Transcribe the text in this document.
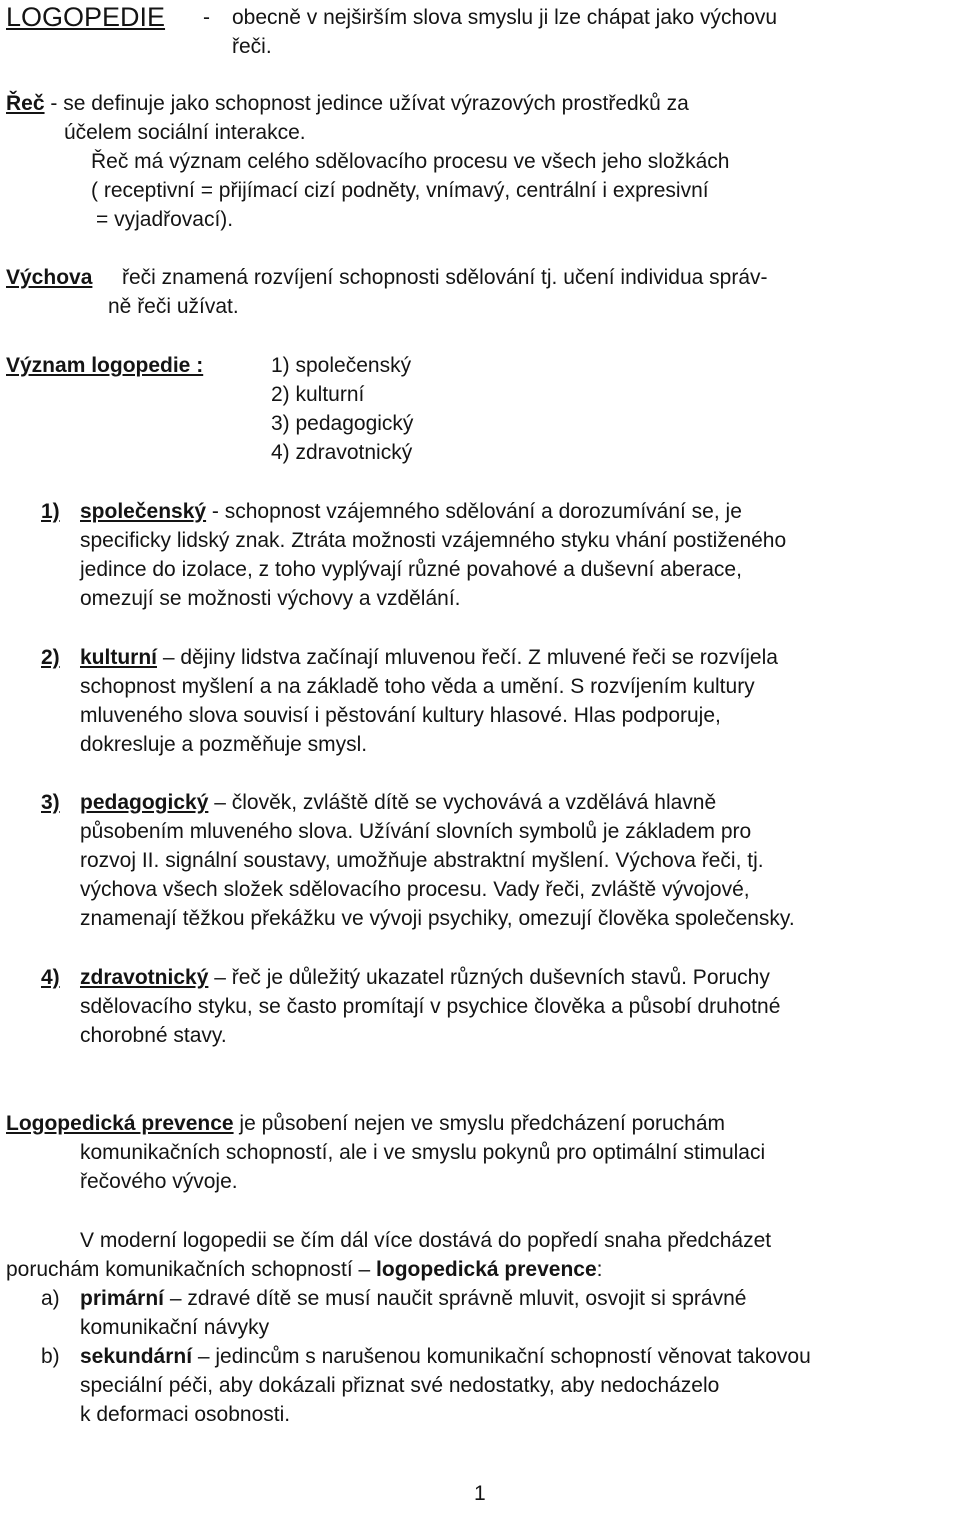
LOGOPEDIE - obecně v nejširším slova smyslu ji lze chápat jako výchovu
řeči.
Řeč - se definuje jako schopnost jedince užívat výrazových prostředků za
účelem sociální interakce.
Řeč má význam celého sdělovacího procesu ve všech jeho složkách
( receptivní = přijímací cizí podněty, vnímavý, centrální i expresivní
= vyjadřovací).
Výchova řeči znamená rozvíjení schopnosti sdělování tj. učení individua správ-
ně řeči užívat.
Význam logopedie :	1) společenský
2) kulturní
3) pedagogický
4) zdravotnický
1) společenský - schopnost vzájemného sdělování a dorozumívání se, je
specificky lidský znak. Ztráta možnosti vzájemného styku vhání postiženého
jedince do izolace, z toho vyplývají různé povahové a duševní aberace,
omezují se možnosti výchovy a vzdělání.
2) kulturní – dějiny lidstva začínají mluvenou řečí. Z mluvené řeči se rozvíjela
schopnost myšlení a na základě toho věda a umění. S rozvíjením kultury
mluveného slova souvisí i pěstování kultury hlasové. Hlas podporuje,
dokresluje a pozměňuje smysl.
3) pedagogický – člověk, zvláště dítě se vychovává a vzdělává hlavně
působením mluveného slova. Užívání slovních symbolů je základem pro
rozvoj II. signální soustavy, umožňuje abstraktní myšlení. Výchova řeči, tj.
výchova všech složek sdělovacího procesu. Vady řeči, zvláště vývojové,
znamenají těžkou překážku ve vývoji psychiky, omezují člověka společensky.
4) zdravotnický – řeč je důležitý ukazatel různých duševních stavů. Poruchy
sdělovacího styku, se často promítají v psychice člověka a působí druhotné
chorobné stavy.
Logopedická prevence je působení nejen ve smyslu předcházení poruchám
komunikačních schopností, ale i ve smyslu pokynů pro optimální stimulaci
řečového vývoje.
V moderní logopedii se čím dál více dostává do popředí snaha předcházet
poruchám komunikačních schopností – logopedická prevence:
a) primární – zdravé dítě se musí naučit správně mluvit, osvojit si správné
komunikační návyky
b) sekundární – jedincům s narušenou komunikační schopností věnovat takovou
speciální péči, aby dokázali přiznat své nedostatky, aby nedocházelo
k deformaci osobnosti.
1
